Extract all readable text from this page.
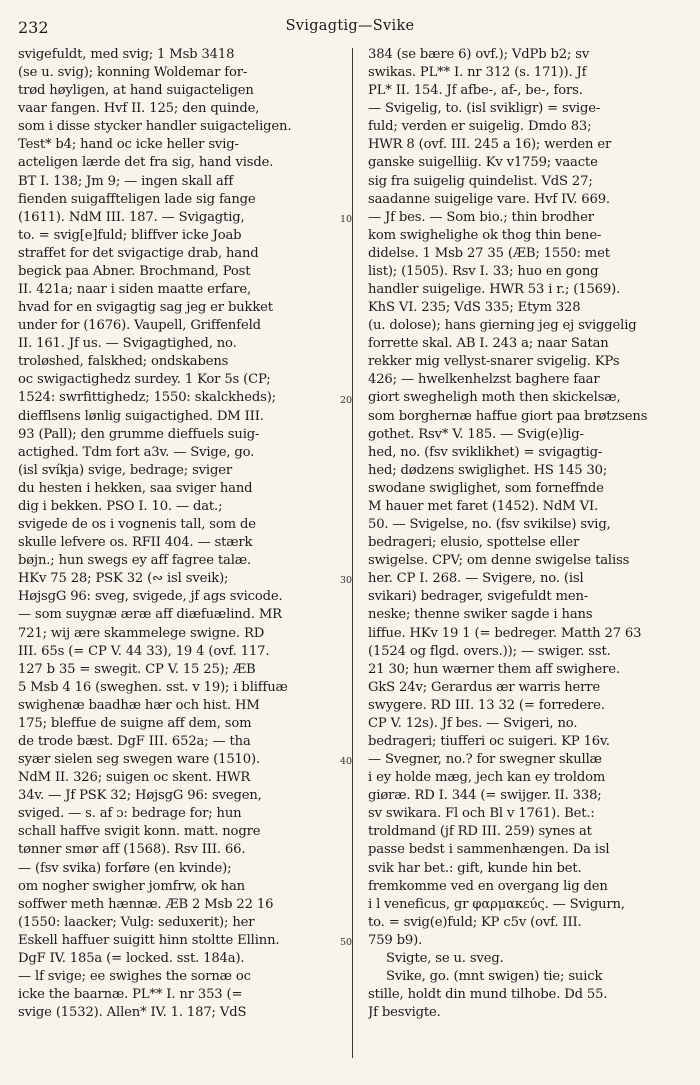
232	Svigagtig—Svike
svigefuldt, med svig; 1 Msb 3418
(se u. svig); konning Woldemar for-
trød høyligen, at hand suigacteligen
vaar fangen. Hvf II. 125; den quinde,
som i disse stycker handler suigacteligen.
Test* b4; hand oc icke heller svig-
acteligen lærde det fra sig, hand visde.
BT I. 138; Jm 9; — ingen skall aff
fienden suigaffteligen lade sig fange
(1611). NdM III. 187. — Svigagtig,
to. = svig[e]fuld; bliffver icke Joab
straffet for det svigactige drab, hand
begick paa Abner. Brochmand, Post
II. 421a; naar i siden maatte erfare,
hvad for en svigagtig sag jeg er bukket
under for (1676). Vaupell, Griffenfeld
II. 161. Jf us. — Svigagtighed, no.
troløshed, falskhed; ondskabens
oc swigactighedz surdey. 1 Kor 5s (CP;
1524: swrfittighedz; 1550: skalckheds);
diefflsens lønlig suigactighed. DM III.
93 (Pall); den grumme dieffuels suig-
actighed. Tdm fort a3v. — Svige, go.
(isl svíkja) svige, bedrage; sviger
du hesten i hekken, saa sviger hand
dig i bekken. PSO I. 10. — dat.;
svigede de os i vognenis tall, som de
skulle lefvere os. RFII 404. — stærk
bøjn.; hun swegs ey aff fagree talæ.
HKv 75 28; PSK 32 (∾ isl sveik);
HøjsgG 96: sveg, svigede, jf ags svicode.
— som suygnæ æræ aff diæfuælind. MR
721; wij ære skammelege swigne. RD
III. 65s (= CP V. 44 33), 19 4 (ovf. 117.
127 b 35 = swegit. CP V. 15 25); ÆB
5 Msb 4 16 (sweghen. sst. v 19); i bliffuæ
swighenæ baadhæ hær och hist. HM
175; bleffue de suigne aff dem, som
de trode bæst. DgF III. 652a; — tha
syær sielen seg swegen ware (1510).
NdM II. 326; suigen oc skent. HWR
34v. — Jf PSK 32; HøjsgG 96: svegen,
sviged. — s. af ɔ: bedrage for; hun
schall haffve svigit konn. matt. nogre
tønner smør aff (1568). Rsv III. 66.
— (fsv svika) forføre (en kvinde);
om nogher swigher jomfrw, ok han
soffwer meth hænnæ. ÆB 2 Msb 22 16
(1550: laacker; Vulg: seduxerit); her
Eskell haffuer suigitt hinn stoltte Ellinn.
DgF IV. 185a (= locked. sst. 184a).
— lf svige; ee swighes the sornæ oc
icke the baarnæ. PL** I. nr 353 (=
svige (1532). Allen* IV. 1. 187; VdS
384 (se bære 6) ovf.); VdPb b2; sv
swikas. PL** I. nr 312 (s. 171)). Jf
PL* II. 154. Jf afbe-, af-, be-, fors.
— Svigelig, to. (isl svikligr) = svige-
fuld; verden er suigelig. Dmdo 83;
HWR 8 (ovf. III. 245 a 16); werden er
ganske suigelliig. Kv v1759; vaacte
sig fra suigelig quindelist. VdS 27;
saadanne suigelige vare. Hvf IV. 669.
— Jf bes. — Som bio.; thin brodher
kom swighelighe ok thog thin bene-
didelse. 1 Msb 27 35 (ÆB; 1550: met
list); (1505). Rsv I. 33; huo en gong
handler suigelige. HWR 53 i r.; (1569).
KhS VI. 235; VdS 335; Etym 328
(u. dolose); hans gierning jeg ej sviggelig
forrette skal. AB I. 243 a; naar Satan
rekker mig vellyst-snarer svigelig. KPs
426; — hwelkenhelzst baghere faar
giort swegheligh moth then skickelsæ,
som borghernæ haffue giort paa brøtzsens
gothet. Rsv* V. 185. — Svig(e)lig-
hed, no. (fsv sviklikhet) = svigagtig-
hed; dødzens swiglighet. HS 145 30;
swodane swiglighet, som forneffnde
M hauer met faret (1452). NdM VI.
50. — Svigelse, no. (fsv svikilse) svig,
bedrageri; elusio, spottelse eller
swigelse. CPV; om denne swigelse taliss
her. CP I. 268. — Svigere, no. (isl
svikari) bedrager, svigefuldt men-
neske; thenne swiker sagde i hans
liffue. HKv 19 1 (= bedreger. Matth 27 63
(1524 og flgd. overs.)); — swiger. sst.
21 30; hun wærner them aff swighere.
GkS 24v; Gerardus ær warris herre
swygere. RD III. 13 32 (= forredere.
CP V. 12s). Jf bes. — Svigeri, no.
bedrageri; tiufferi oc suigeri. KP 16v.
— Svegner, no.? for swegner skullæ
i ey holde mæg, jech kan ey troldom
giøræ. RD I. 344 (= swijger. II. 338;
sv swikara. Fl och Bl v 1761). Bet.:
troldmand (jf RD III. 259) synes at
passe bedst i sammenhængen. Da isl
svik har bet.: gift, kunde hin bet.
fremkomme ved en overgang lig den
i l veneficus, gr φαρμακεύς. — Svigurn,
to. = svig(e)fuld; KP c5v (ovf. III.
759 b9).
Svigte, se u. sveg.
Svike, go. (mnt swigen) tie; suick
stille, holdt din mund tilhobe. Dd 55.
Jf besvigte.
10
20
30
40
50
